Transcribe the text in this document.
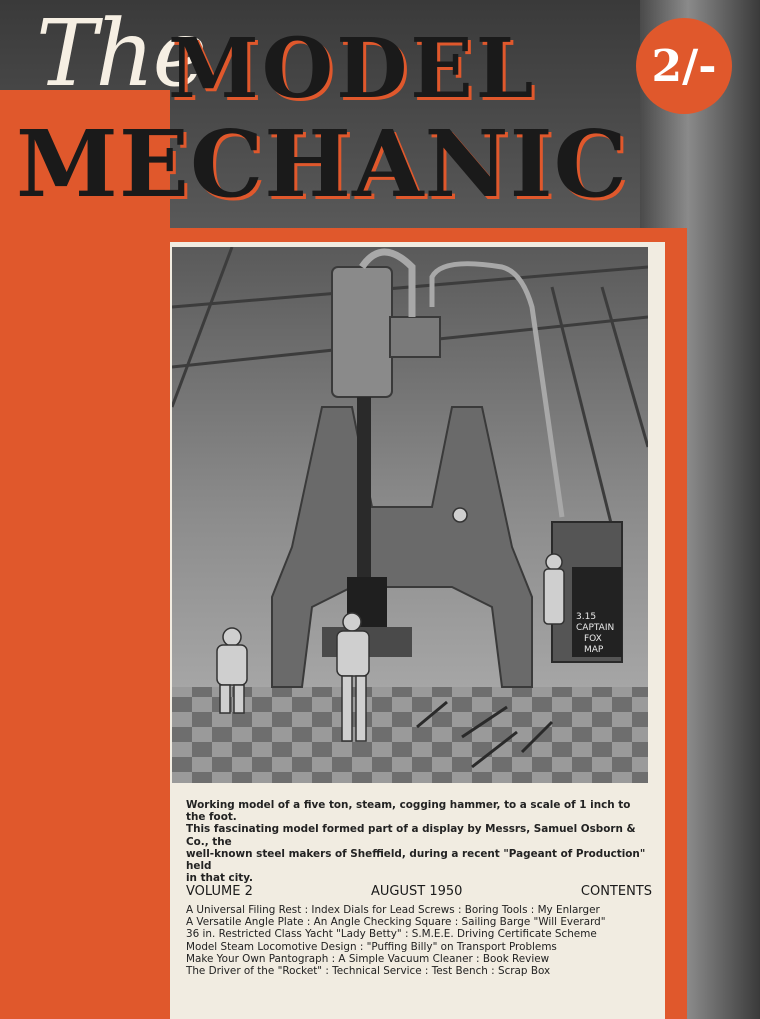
The
MODEL
MECHANIC
2/-
3.15
CAPTAIN
FOX
MAP
Working model of a five ton, steam, cogging hammer, to a scale of 1 inch to the foot.
This fascinating model formed part of a display by Messrs, Samuel Osborn & Co., the
well-known steel makers of Sheffield, during a recent "Pageant of Production" held
in that city.
VOLUME 2	AUGUST 1950	CONTENTS
A Universal Filing Rest : Index Dials for Lead Screws : Boring Tools : My Enlarger
A Versatile Angle Plate : An Angle Checking Square : Sailing Barge "Will Everard"
36 in. Restricted Class Yacht "Lady Betty" : S.M.E.E. Driving Certificate Scheme
Model Steam Locomotive Design : "Puffing Billy" on Transport Problems
Make Your Own Pantograph : A Simple Vacuum Cleaner : Book Review
The Driver of the "Rocket" : Technical Service : Test Bench : Scrap Box
